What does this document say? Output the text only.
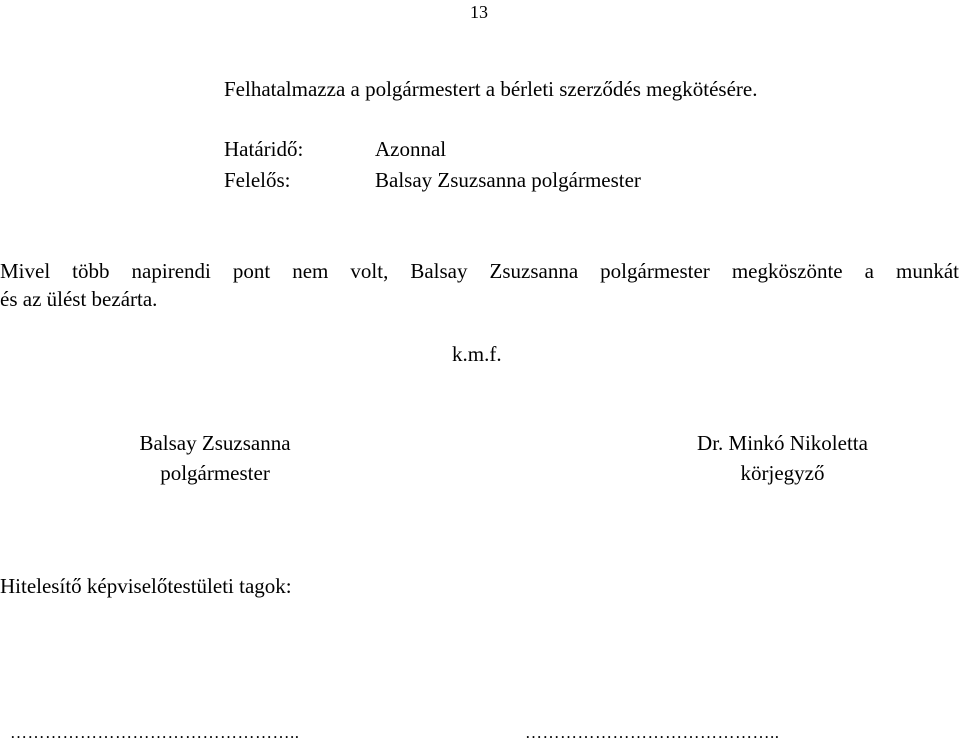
13
Felhatalmazza a polgármestert a bérleti szerződés megkötésére.
Határidő:	Azonnal
Felelős:	Balsay Zsuzsanna polgármester
Mivel több napirendi pont nem volt, Balsay Zsuzsanna polgármester megköszönte a munkát
és az ülést bezárta.
k.m.f.
Balsay Zsuzsanna
polgármester
Dr. Minkó Nikoletta
körjegyző
Hitelesítő képviselőtestületi tagok:
…………………………………………..	……………………………………..
